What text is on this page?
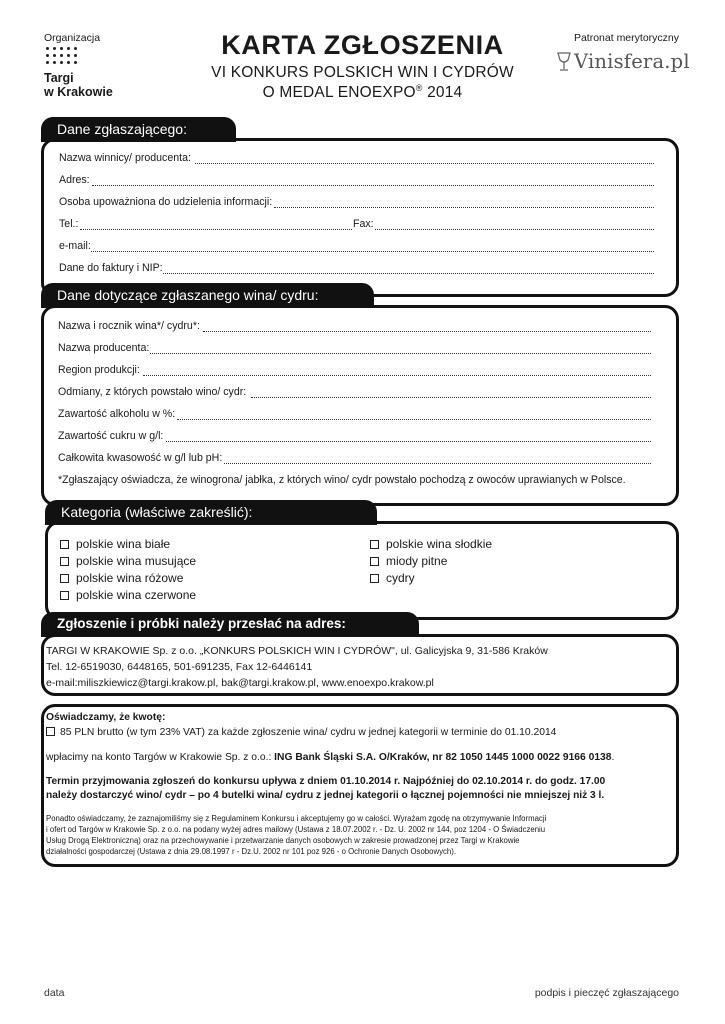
Organizacja
Targi
w Krakowie
KARTA ZGŁOSZENIA
VI KONKURS POLSKICH WIN I CYDRÓW
O MEDAL ENOEXPO® 2014
Patronat merytoryczny
Vinisfera.pl
Dane zgłaszającego:
Nazwa winnicy/ producenta:
Adres:
Osoba upoważniona do udzielenia informacji:
Tel.:	Fax:
e-mail:
Dane do faktury i NIP:
Dane dotyczące zgłaszanego wina/ cydru:
Nazwa i rocznik wina*/ cydru*:
Nazwa producenta:
Region produkcji:
Odmiany, z których powstało wino/ cydr:
Zawartość alkoholu w %:
Zawartość cukru w g/l:
Całkowita kwasowość w g/l lub pH:
*Zgłaszający oświadcza, że winogrona/ jabłka, z których wino/ cydr powstało pochodzą z owoców uprawianych w Polsce.
Kategoria (właściwe zakreślić):
polskie wina białe
polskie wina musujące
polskie wina różowe
polskie wina czerwone
polskie wina słodkie
miody pitne
cydry
Zgłoszenie i próbki należy przesłać na adres:
TARGI W KRAKOWIE Sp. z o.o. „KONKURS POLSKICH WIN I CYDRÓW", ul. Galicyjska 9, 31-586 Kraków
Tel. 12-6519030, 6448165, 501-691235, Fax 12-6446141
e-mail:miliszkiewicz@targi.krakow.pl, bak@targi.krakow.pl, www.enoexpo.krakow.pl
Oświadczamy, że kwotę:
85 PLN brutto (w tym 23% VAT) za każde zgłoszenie wina/ cydru w jednej kategorii w terminie do 01.10.2014
wpłacimy na konto Targów w Krakowie Sp. z o.o.: ING Bank Śląski S.A. O/Kraków, nr 82 1050 1445 1000 0022 9166 0138.
Termin przyjmowania zgłoszeń do konkursu upływa z dniem 01.10.2014 r. Najpóźniej do 02.10.2014 r. do godz. 17.00
należy dostarczyć wino/ cydr – po 4 butelki wina/ cydru z jednej kategorii o łącznej pojemności nie mniejszej niż 3 l.
Ponadto oświadczamy, że zaznajomiliśmy się z Regulaminem Konkursu i akceptujemy go w całości. Wyrażam zgodę na otrzymywanie Informacji
i ofert od Targów w Krakowie Sp. z o.o. na podany wyżej adres mailowy (Ustawa z 18.07.2002 r. - Dz. U. 2002 nr 144, poz 1204 - O Świadczeniu
Usług Drogą Elektroniczną) oraz na przechowywanie i przetwarzanie danych osobowych w zakresie prowadzonej przez Targi w Krakowie
działalności gospodarczej (Ustawa z dnia 29.08.1997 r - Dz.U. 2002 nr 101 poz 926 - o Ochronie Danych Osobowych).
data	podpis i pieczęć zgłaszającego
